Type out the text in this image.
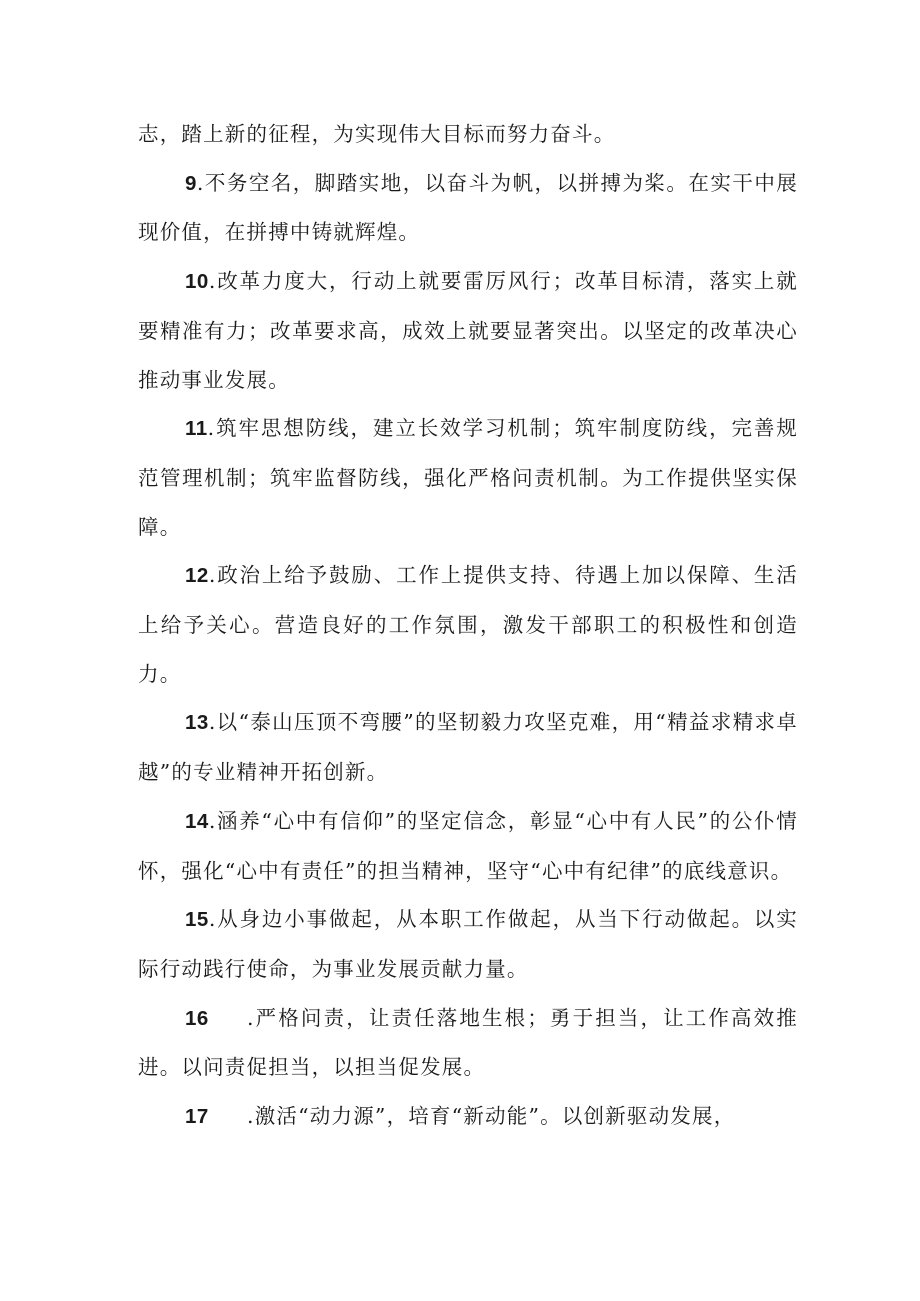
志，踏上新的征程，为实现伟大目标而努力奋斗。

9.不务空名，脚踏实地，以奋斗为帆，以拼搏为桨。在实干中展现价值，在拼搏中铸就辉煌。

10.改革力度大，行动上就要雷厉风行；改革目标清，落实上就要精准有力；改革要求高，成效上就要显著突出。以坚定的改革决心推动事业发展。

11.筑牢思想防线，建立长效学习机制；筑牢制度防线，完善规范管理机制；筑牢监督防线，强化严格问责机制。为工作提供坚实保障。

12.政治上给予鼓励、工作上提供支持、待遇上加以保障、生活上给予关心。营造良好的工作氛围，激发干部职工的积极性和创造力。

13.以“泰山压顶不弯腰”的坚韧毅力攻坚克难，用“精益求精求卓越”的专业精神开拓创新。

14.涵养“心中有信仰”的坚定信念，彰显“心中有人民”的公仆情怀，强化“心中有责任”的担当精神，坚守“心中有纪律”的底线意识。

15.从身边小事做起，从本职工作做起，从当下行动做起。以实际行动践行使命，为事业发展贡献力量。

16 .严格问责，让责任落地生根；勇于担当，让工作高效推进。以问责促担当，以担当促发展。

17 .激活“动力源”，培育“新动能”。以创新驱动发展，
